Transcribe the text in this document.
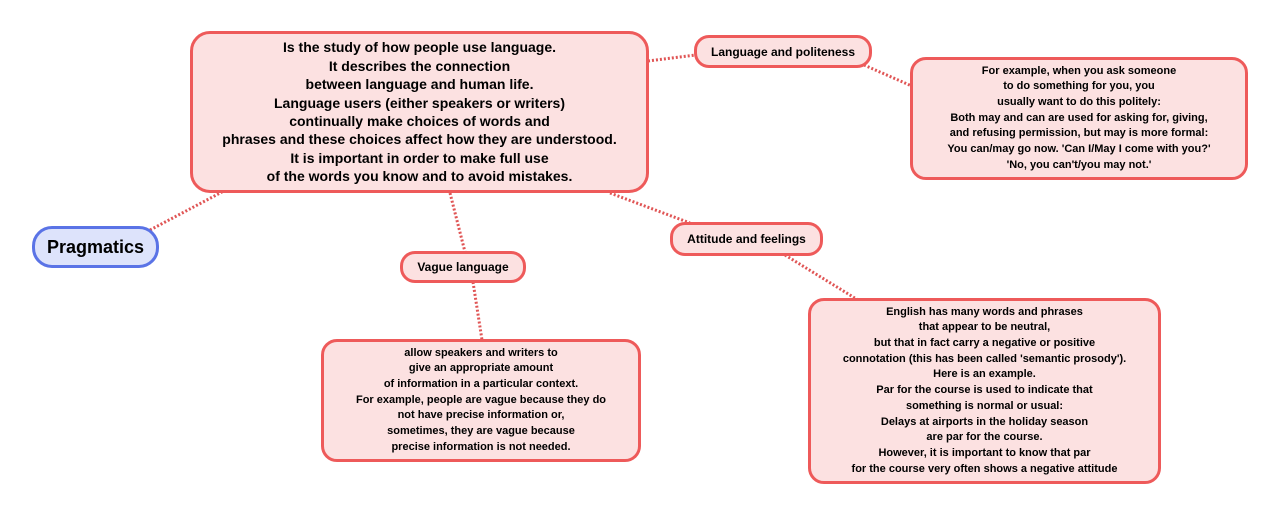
Pragmatics
Is the study of how people use language.
It describes the connection
between language and human life.
Language users (either speakers or writers)
continually make choices of words and
phrases and these choices affect how they are understood.
It is important in order to make full use
of the words you know and to avoid mistakes.
Language and politeness
For example, when you ask someone
to do something for you, you
usually want to do this politely:
Both may and can are used for asking for, giving,
and refusing permission, but may is more formal:
You can/may go now. 'Can I/May I come with you?'
'No, you can't/you may not.'
Attitude and feelings
English has many words and phrases
that appear to be neutral,
but that in fact carry a negative or positive
connotation (this has been called 'semantic prosody').
Here is an example.
Par for the course is used to indicate that
something is normal or usual:
Delays at airports in the holiday season
are par for the course.
However, it is important to know that par
for the course very often shows a negative attitude
Vague language
allow speakers and writers to
give an appropriate amount
of information in a particular context.
For example, people are vague because they do
not have precise information or,
sometimes, they are vague because
precise information is not needed.
